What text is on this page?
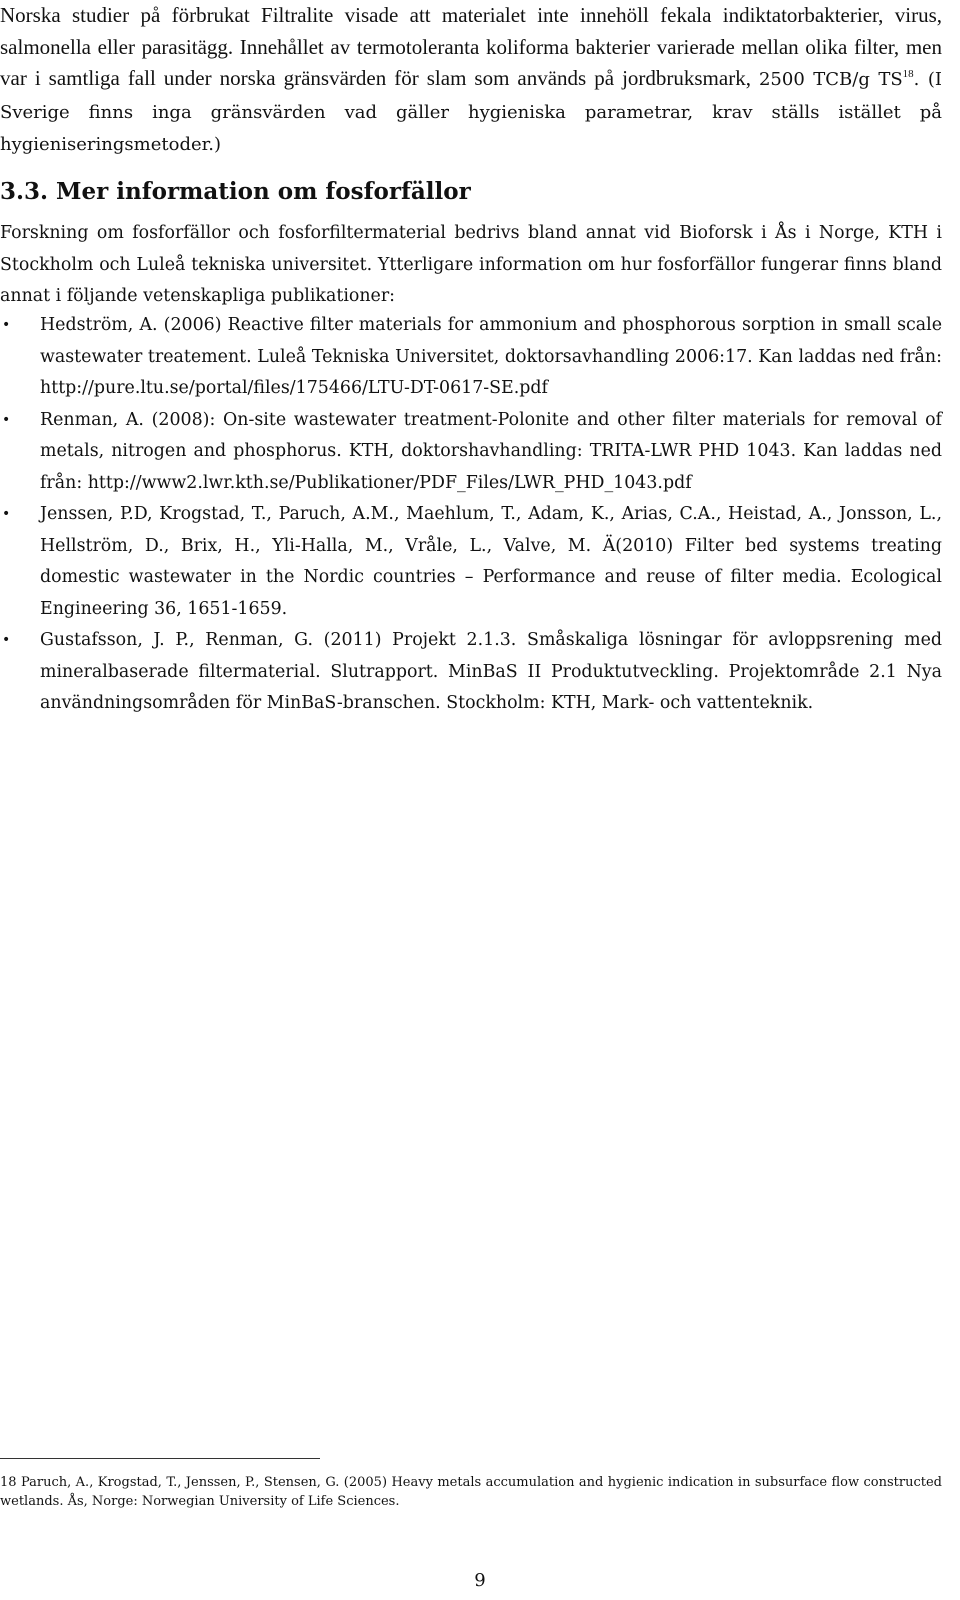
Norska studier på förbrukat Filtralite visade att materialet inte innehöll fekala indiktatorbakterier, virus, salmonella eller parasitägg. Innehållet av termotoleranta koliforma bakterier varierade mellan olika filter, men var i samtliga fall under norska gränsvärden för slam som används på jordbruksmark, 2500 TCB/g TS$^{18}$. (I Sverige finns inga gränsvärden vad gäller hygieniska parametrar, krav ställs istället på hygieniseringsmetoder.)

3.3. Mer information om fosforfällor

Forskning om fosforfällor och fosforfiltermaterial bedrivs bland annat vid Bioforsk i Ås i Norge, KTH i Stockholm och Luleå tekniska universitet. Ytterligare information om hur fosforfällor fungerar finns bland annat i följande vetenskapliga publikationer:

• Hedström, A. (2006) Reactive filter materials for ammonium and phosphorous sorption in small scale wastewater treatement. Luleå Tekniska Universitet, doktorsavhandling 2006:17. Kan laddas ned från: http://pure.ltu.se/portal/files/175466/LTU-DT-0617-SE.pdf
• Renman, A. (2008): On-site wastewater treatment-Polonite and other filter materials for removal of metals, nitrogen and phosphorus. KTH, doktorshavhandling: TRITA-LWR PHD 1043. Kan laddas ned från: http://www2.lwr.kth.se/Publikationer/PDF_Files/LWR_PHD_1043.pdf
• Jenssen, P.D, Krogstad, T., Paruch, A.M., Maehlum, T., Adam, K., Arias, C.A., Heistad, A., Jonsson, L., Hellström, D., Brix, H., Yli-Halla, M., Vråle, L., Valve, M. Ä(2010) Filter bed systems treating domestic wastewater in the Nordic countries – Performance and reuse of filter media. Ecological Engineering 36, 1651-1659.
• Gustafsson, J. P., Renman, G. (2011) Projekt 2.1.3. Småskaliga lösningar för avloppsrening med mineralbaserade filtermaterial. Slutrapport. MinBaS II Produktutveckling. Projektområde 2.1 Nya användningsområden för MinBaS-branschen. Stockholm: KTH, Mark- och vattenteknik.

18 Paruch, A., Krogstad, T., Jenssen, P., Stensen, G. (2005) Heavy metals accumulation and hygienic indication in subsurface flow constructed wetlands. Ås, Norge: Norwegian University of Life Sciences.

9
